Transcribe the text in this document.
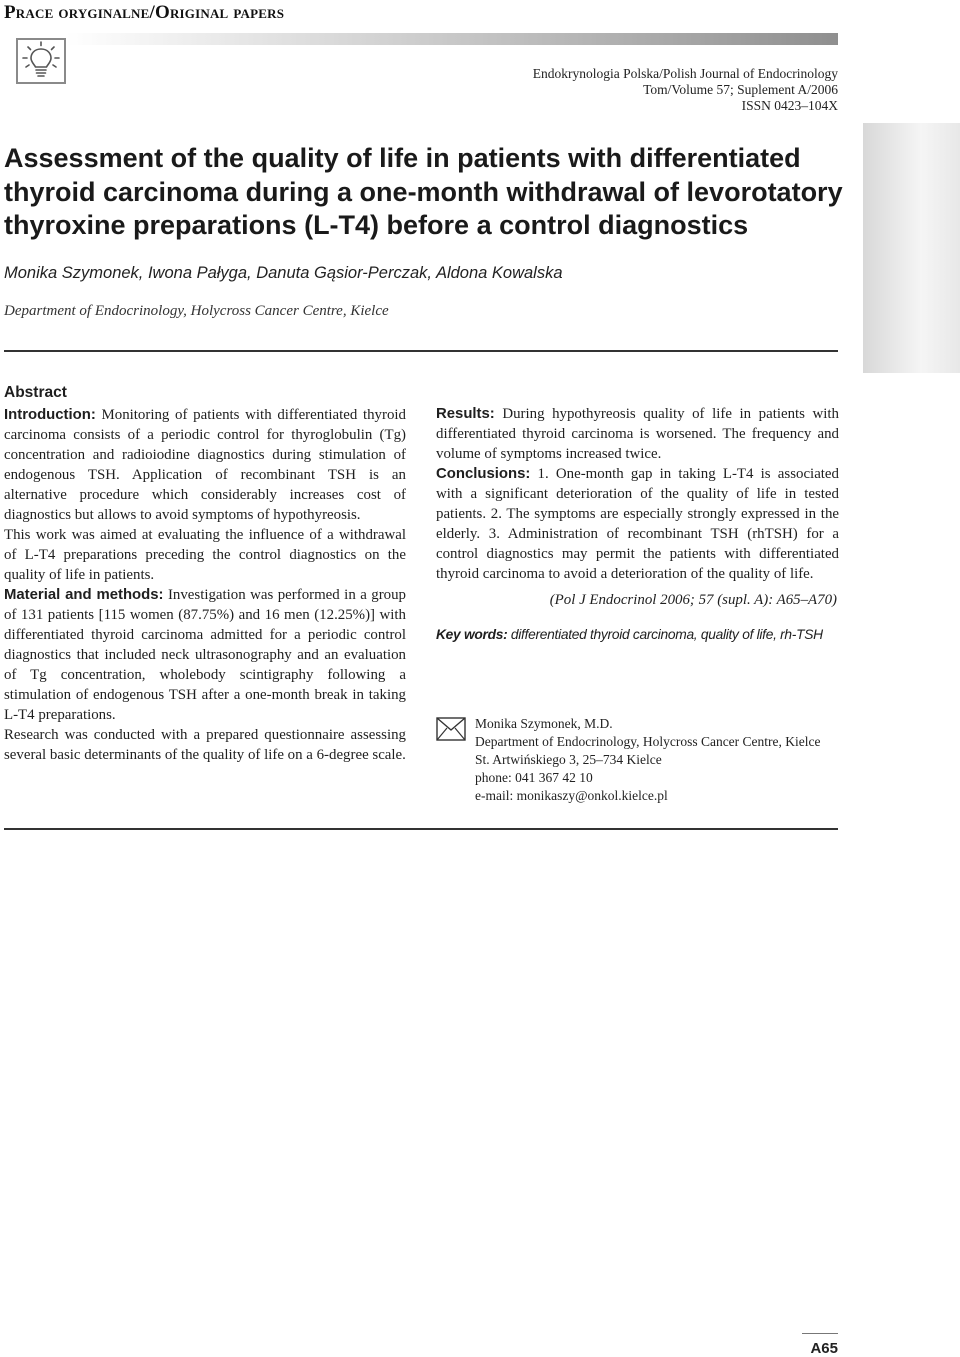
Prace oryginalne/Original papers
Endokrynologia Polska/Polish Journal of Endocrinology
Tom/Volume 57; Suplement A/2006
ISSN 0423–104X
Assessment of the quality of life in patients with differentiated
thyroid carcinoma during a one-month withdrawal of levorotatory
thyroxine preparations (L-T4) before a control diagnostics
Monika Szymonek, Iwona Pałyga, Danuta Gąsior-Perczak, Aldona Kowalska
Department of Endocrinology, Holycross Cancer Centre, Kielce

Abstract

Introduction: Monitoring of patients with differentiated thyroid carcinoma consists of a periodic control for thyroglobulin (Tg) concentration and radioiodine diagnostics during stimulation of endogenous TSH. Application of recombinant TSH is an alternative procedure which considerably increases cost of diagnostics but allows to avoid symptoms of hypothyreosis.

This work was aimed at evaluating the influence of a withdrawal of L-T4 preparations preceding the control diagnostics on the quality of life in patients.

Material and methods: Investigation was performed in a group of 131 patients [115 women (87.75%) and 16 men (12.25%)] with differentiated thyroid carcinoma admitted for a periodic control diagnostics that included neck ultrasonography and an evaluation of Tg concentration, wholebody scintigraphy following a stimulation of endogenous TSH after a one-month break in taking L-T4 preparations.

Research was conducted with a prepared questionnaire assessing several basic determinants of the quality of life on a 6-degree scale.

Results: During hypothyreosis quality of life in patients with differentiated thyroid carcinoma is worsened. The frequency and volume of symptoms increased twice.

Conclusions: 1. One-month gap in taking L-T4 is associated with a significant deterioration of the quality of life in tested patients. 2. The symptoms are especially strongly expressed in the elderly. 3. Administration of recombinant TSH (rhTSH) for a control diagnostics may permit the patients with differentiated thyroid carcinoma to avoid a deterioration of the quality of life.

(Pol J Endocrinol 2006; 57 (supl. A): A65–A70)

Key words: differentiated thyroid carcinoma, quality of life, rh-TSH

Monika Szymonek, M.D.
Department of Endocrinology, Holycross Cancer Centre, Kielce
St. Artwińskiego 3, 25–734 Kielce
phone: 041 367 42 10
e-mail: monikaszy@onkol.kielce.pl
A65
